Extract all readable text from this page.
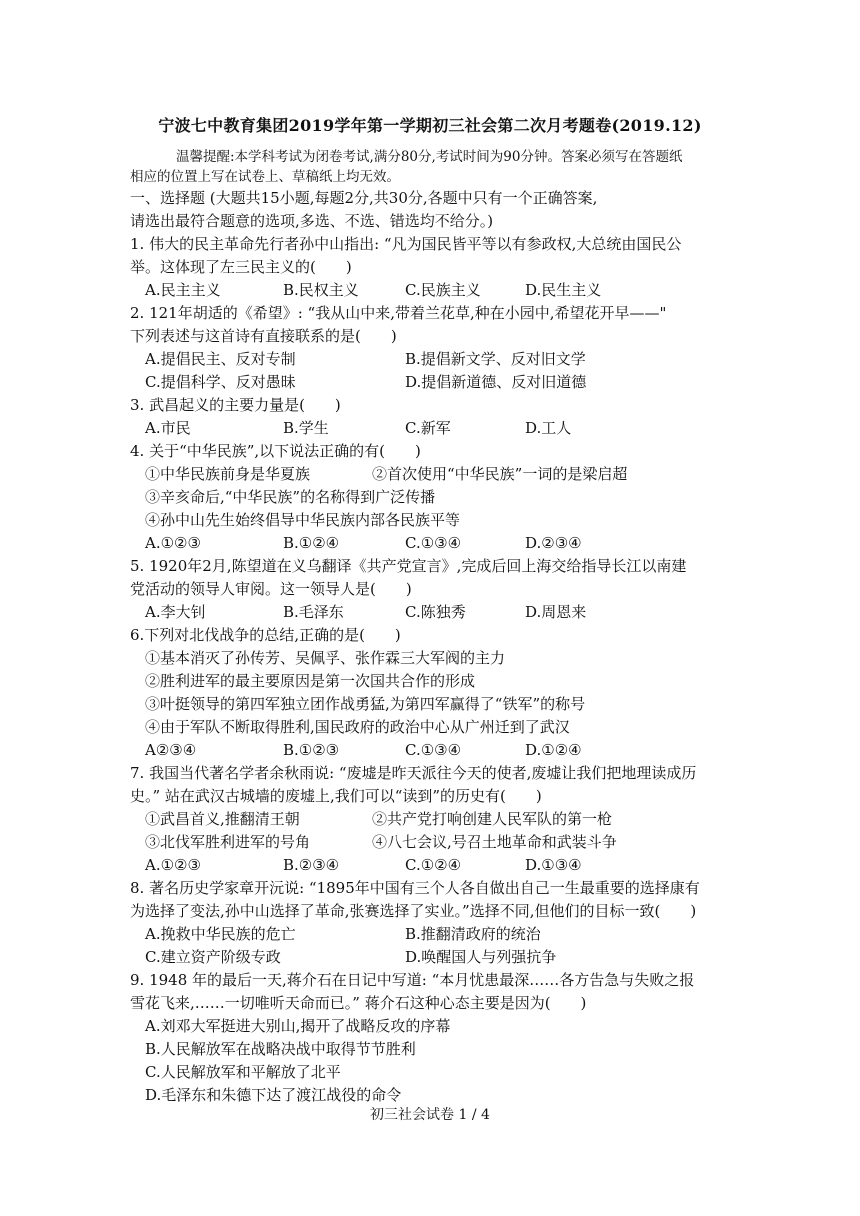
宁波七中教育集团2019学年第一学期初三社会第二次月考题卷(2019.12)
温馨提醒:本学科考试为闭卷考试,满分80分,考试时间为90分钟。答案必须写在答题纸
相应的位置上写在试卷上、草稿纸上均无效。
一、选择题 (大题共15小题,每题2分,共30分,各题中只有一个正确答案,
请选出最符合题意的选项,多选、不选、错选均不给分。)
1. 伟大的民主革命先行者孙中山指出: “凡为国民皆平等以有参政权,大总统由国民公
举。这体现了左三民主义的(　　)
A.民主主义	B.民权主义	C.民族主义	D.民生主义
2. 121年胡适的《希望》: “我从山中来,带着兰花草,种在小园中,希望花开早——"
下列表述与这首诗有直接联系的是(　　)
A.提倡民主、反对专制	B.提倡新文学、反对旧文学
C.提倡科学、反对愚昧	D.提倡新道德、反对旧道德
3. 武昌起义的主要力量是(　　)
A.市民	B.学生	C.新军	D.工人
4. 关于“中华民族”,以下说法正确的有(　　)
①中华民族前身是华夏族	②首次使用“中华民族”一词的是梁启超
③辛亥命后,“中华民族”的名称得到广泛传播
④孙中山先生始终倡导中华民族内部各民族平等
A.①②③	B.①②④	C.①③④	D.②③④
5. 1920年2月,陈望道在义乌翻译《共产党宣言》,完成后回上海交给指导长江以南建
党活动的领导人审阅。这一领导人是(　　)
A.李大钊	B.毛泽东	C.陈独秀	D.周恩来
6.下列对北伐战争的总结,正确的是(　　)
①基本消灭了孙传芳、吴佩孚、张作霖三大军阀的主力
②胜利进军的最主要原因是第一次国共合作的形成
③叶挺领导的第四军独立团作战勇猛,为第四军赢得了“铁军”的称号
④由于军队不断取得胜利,国民政府的政治中心从广州迁到了武汉
A②③④	B.①②③	C.①③④	D.①②④
7. 我国当代著名学者余秋雨说: “废墟是昨天派往今天的使者,废墟让我们把地理读成历
史。” 站在武汉古城墙的废墟上,我们可以“读到”的历史有(　　)
①武昌首义,推翻清王朝	②共产党打响创建人民军队的第一枪
③北伐军胜利进军的号角	④八七会议,号召土地革命和武装斗争
A.①②③	B.②③④	C.①②④	D.①③④
8. 著名历史学家章开沅说: “1895年中国有三个人各自做出自己一生最重要的选择康有
为选择了变法,孙中山选择了革命,张赛选择了实业。”选择不同,但他们的目标一致(　　)
A.挽救中华民族的危亡	B.推翻清政府的统治
C.建立资产阶级专政	D.唤醒国人与列强抗争
9. 1948 年的最后一天,蒋介石在日记中写道: “本月忧患最深……各方告急与失败之报
雪花飞来,……一切唯听天命而已。” 蒋介石这种心态主要是因为(　　)
A.刘邓大军挺进大别山,揭开了战略反攻的序幕
B.人民解放军在战略决战中取得节节胜利
C.人民解放军和平解放了北平
D.毛泽东和朱德下达了渡江战役的命令
初三社会试卷 1 / 4
